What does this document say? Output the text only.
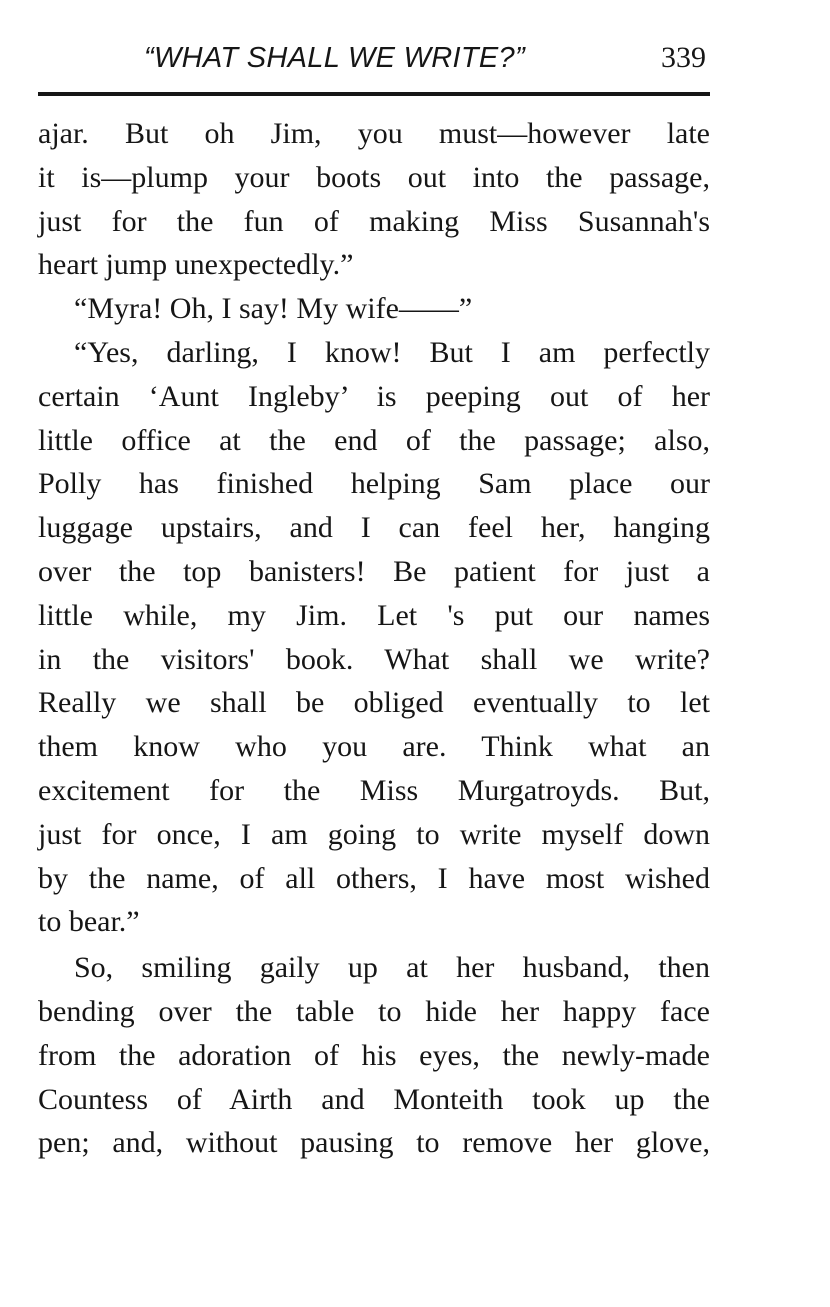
“WHAT SHALL WE WRITE?”	339
ajar. But oh Jim, you must—however late
it is—plump your boots out into the passage,
just for the fun of making Miss Susannah's
heart jump unexpectedly.”
“Myra! Oh, I say! My wife——”
“Yes, darling, I know! But I am perfectly
certain ‘Aunt Ingleby’ is peeping out of her
little office at the end of the passage; also,
Polly has finished helping Sam place our
luggage upstairs, and I can feel her, hanging
over the top banisters! Be patient for just a
little while, my Jim. Let 's put our names
in the visitors' book. What shall we write?
Really we shall be obliged eventually to let
them know who you are. Think what an
excitement for the Miss Murgatroyds. But,
just for once, I am going to write myself down
by the name, of all others, I have most wished
to bear.”
So, smiling gaily up at her husband, then
bending over the table to hide her happy face
from the adoration of his eyes, the newly-made
Countess of Airth and Monteith took up the
pen; and, without pausing to remove her glove,
